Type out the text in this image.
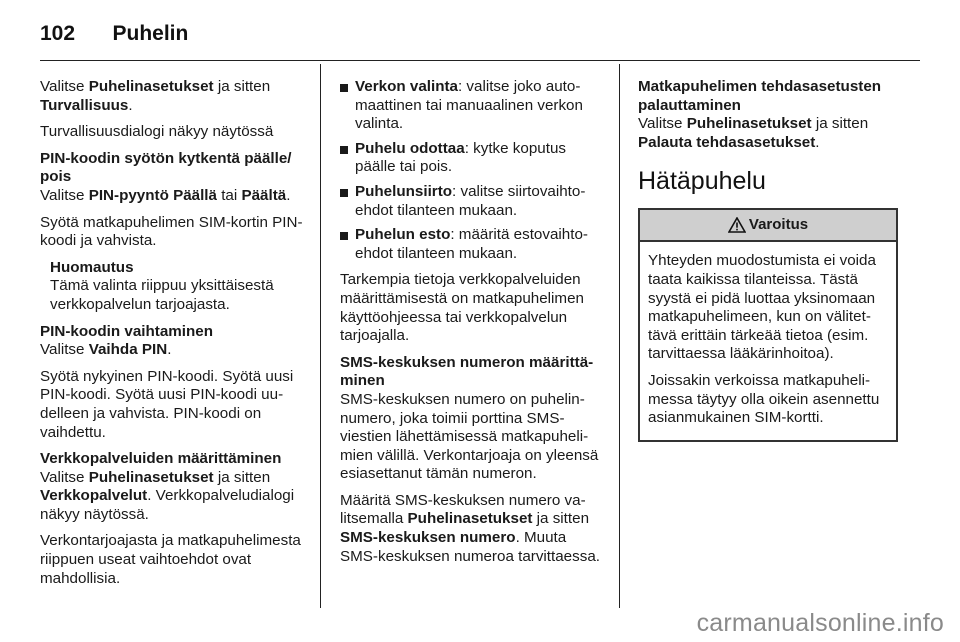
102 Puhelin

Valitse Puhelinasetukset ja sitten Turvallisuus.

Turvallisuusdialogi näkyy näytössä

PIN-koodin syötön kytkentä päälle/ pois

Valitse PIN-pyyntö Päällä tai Päältä.

Syötä matkapuhelimen SIM-kortin PIN-koodi ja vahvista.

Huomautus
Tämä valinta riippuu yksittäisestä verkkopalvelun tarjoajasta.

PIN-koodin vaihtaminen

Valitse Vaihda PIN.

Syötä nykyinen PIN-koodi. Syötä uusi PIN-koodi. Syötä uusi PIN-koodi uudelleen ja vahvista. PIN-koodi on vaihdettu.

Verkkopalveluiden määrittäminen

Valitse Puhelinasetukset ja sitten Verkkopalvelut. Verkkopalveludialogi näkyy näytössä.

Verkontarjoajasta ja matkapuhelimesta riippuen useat vaihtoehdot ovat mahdollisia.

Verkon valinta: valitse joko automaattinen tai manuaalinen verkon valinta.
Puhelu odottaa: kytke koputus päälle tai pois.
Puhelunsiirto: valitse siirtovaihtoehdot tilanteen mukaan.
Puhelun esto: määritä estovaihtoehdot tilanteen mukaan.

Tarkempia tietoja verkkopalveluiden määrittämisestä on matkapuhelimen käyttöohjeessa tai verkkopalvelun tarjoajalla.

SMS-keskuksen numeron määrittäminen

SMS-keskuksen numero on puhelinnumero, joka toimii porttina SMS-viestien lähettämisessä matkapuhelimien välillä. Verkontarjoaja on yleensä esiasettanut tämän numeron.

Määritä SMS-keskuksen numero valitsemalla Puhelinasetukset ja sitten SMS-keskuksen numero. Muuta SMS-keskuksen numeroa tarvittaessa.

Matkapuhelimen tehdasasetusten palauttaminen

Valitse Puhelinasetukset ja sitten Palauta tehdasasetukset.

Hätäpuhelu
Varoitus

Yhteyden muodostumista ei voida taata kaikissa tilanteissa. Tästä syystä ei pidä luottaa yksinomaan matkapuhelimeen, kun on välitettävä erittäin tärkeää tietoa (esim. tarvittaessa lääkärinhoitoa).

Joissakin verkoissa matkapuhelimessa täytyy olla oikein asennettu asianmukainen SIM-kortti.

carmanualsonline.info
